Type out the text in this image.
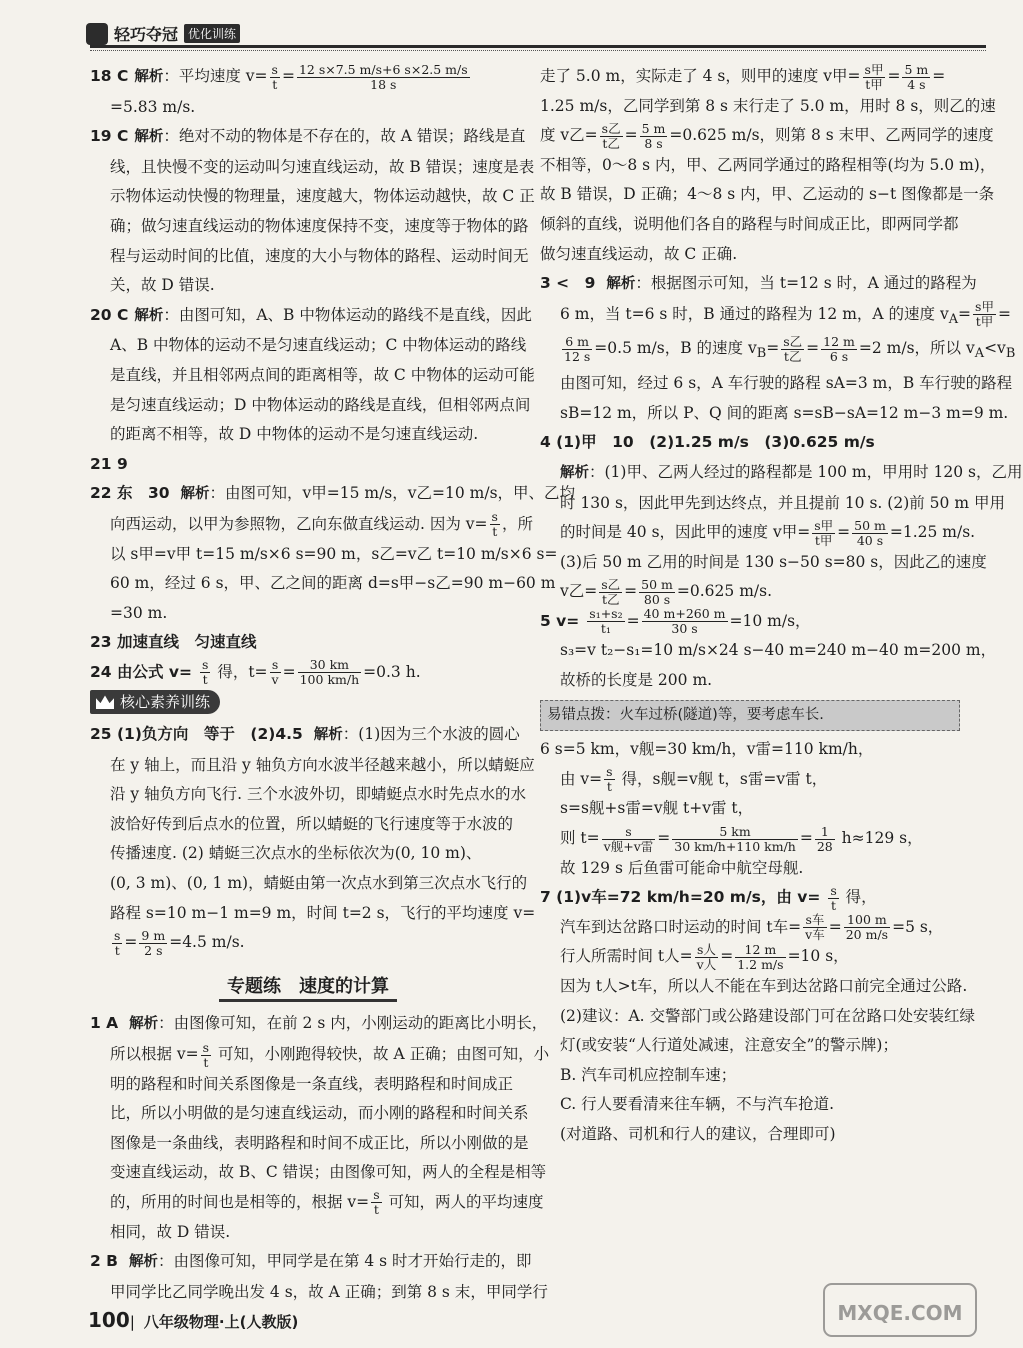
轻巧夺冠 优化训练
18 C 解析：平均速度 $v= \frac{s}{t} = \frac{12 s\times 7.5 m/s+6 s\times 2.5 m/s}{18 s}$
=5.83 m/s.
19 C 解析：绝对不动的物体是不存在的，故 A 错误；路线是直
线，且快慢不变的运动叫匀速直线运动，故 B 错误；速度是表
示物体运动快慢的物理量，速度越大，物体运动越快，故 C 正
确；做匀速直线运动的物体速度保持不变，速度等于物体的路
程与运动时间的比值，速度的大小与物体的路程、运动时间无
关，故 D 错误.
20 C 解析：由图可知，A、B 中物体运动的路线不是直线，因此
A、B 中物体的运动不是匀速直线运动；C 中物体运动的路线
是直线，并且相邻两点间的距离相等，故 C 中物体的运动可能
是匀速直线运动；D 中物体运动的路线是直线，但相邻两点间
的距离不相等，故 D 中物体的运动不是匀速直线运动.
21 9
22 东　30 解析：由图可知，v甲=15 m/s，v乙=10 m/s，甲、乙均
向西运动，以甲为参照物，乙向东做直线运动. 因为 $v= \frac{s}{t}$ ，所
以 s甲=v甲 t=15 m/s×6 s=90 m，s乙=v乙 t=10 m/s×6 s=
60 m，经过 6 s，甲、乙之间的距离 d=s甲−s乙=90 m−60 m
=30 m.
23 加速直线　匀速直线
24 由公式 $v= \frac{s}{t}$ 得，$t= \frac{s}{v} = \frac{30 km}{100 km/h} =0.3$ h.
核心素养训练
25 (1)负方向　等于　(2)4.5 解析：(1)因为三个水波的圆心
在 y 轴上，而且沿 y 轴负方向水波半径越来越小，所以蜻蜓应
沿 y 轴负方向飞行. 三个水波外切，即蜻蜓点水时先点水的水
波恰好传到后点水的位置，所以蜻蜓的飞行速度等于水波的
传播速度. (2) 蜻蜓三次点水的坐标依次为(0, 10 m)、
(0, 3 m)、(0, 1 m)，蜻蜓由第一次点水到第三次点水飞行的
路程 s=10 m−1 m=9 m，时间 t=2 s，飞行的平均速度 v=
$\frac{s}{t} = \frac{9 m}{2 s} =4.5$ m/s.
专题练　速度的计算
1 A 解析：由图像可知，在前 2 s 内，小刚运动的距离比小明长，
所以根据 $v= \frac{s}{t}$ 可知，小刚跑得较快，故 A 正确；由图可知，小
明的路程和时间关系图像是一条直线，表明路程和时间成正
比，所以小明做的是匀速直线运动，而小刚的路程和时间关系
图像是一条曲线，表明路程和时间不成正比，所以小刚做的是
变速直线运动，故 B、C 错误；由图像可知，两人的全程是相等
的，所用的时间也是相等的，根据 $v= \frac{s}{t}$ 可知，两人的平均速度
相同，故 D 错误.
2 B 解析：由图像可知，甲同学是在第 4 s 时才开始行走的，即
甲同学比乙同学晚出发 4 s，故 A 正确；到第 8 s 末，甲同学行
走了 5.0 m，实际走了 4 s，则甲的速度 v甲= $\frac{\text{s甲}}{\text{t甲}} = \frac{5 m}{4 s}$ =
1.25 m/s，乙同学到第 8 s 末行走了 5.0 m，用时 8 s，则乙的速
度 v乙= $\frac{\text{s乙}}{\text{t乙}} = \frac{5 m}{8 s} =0.625$ m/s，则第 8 s 末甲、乙两同学的速度
不相等，0～8 s 内，甲、乙两同学通过的路程相等(均为 5.0 m)，
故 B 错误，D 正确；4～8 s 内，甲、乙运动的 s−t 图像都是一条
倾斜的直线，说明他们各自的路程与时间成正比，即两同学都
做匀速直线运动，故 C 正确.
3 <　9 解析：根据图示可知，当 t=12 s 时，A 通过的路程为
6 m，当 t=6 s 时，B 通过的路程为 12 m，A 的速度 $v_A= \frac{\text{s甲}}{\text{t甲}}$ =
$\frac{6 m}{12 s} =0.5$ m/s，B 的速度 $v_B= \frac{\text{s乙}}{\text{t乙}} = \frac{12 m}{6 s} =2$ m/s，所以 $v_A<v_B$
由图可知，经过 6 s，A 车行驶的路程 sA=3 m，B 车行驶的路程
sB=12 m，所以 P、Q 间的距离 s=sB−sA=12 m−3 m=9 m.
4 (1)甲　10　(2)1.25 m/s　(3)0.625 m/s
解析：(1)甲、乙两人经过的路程都是 100 m，甲用时 120 s，乙用
时 130 s，因此甲先到达终点，并且提前 10 s. (2)前 50 m 甲用
的时间是 40 s，因此甲的速度 v甲= $\frac{\text{s甲}}{\text{t甲}} = \frac{50 m}{40 s} =1.25$ m/s.
(3)后 50 m 乙用的时间是 130 s−50 s=80 s，因此乙的速度
v乙= $\frac{\text{s乙}}{\text{t乙}} = \frac{50 m}{80 s} =0.625$ m/s.
5 $v= \frac{\text{s₁+s₂}}{\text{t₁}} = \frac{40 m+260 m}{30 s} =10$ m/s，
s₃=v t₂−s₁=10 m/s×24 s−40 m=240 m−40 m=200 m，
故桥的长度是 200 m.
易错点拨：火车过桥(隧道)等，要考虑车长.
6 s=5 km，v舰=30 km/h，v雷=110 km/h，
由 $v= \frac{s}{t}$ 得，s舰=v舰 t，s雷=v雷 t，
s=s舰+s雷=v舰 t+v雷 t，
则 $t= \frac{s}{\text{v舰+v雷}} = \frac{5 km}{30 km/h+110 km/h} = \frac{1}{28} h\approx 129$ s，
故 129 s 后鱼雷可能命中航空母舰.
7 (1)v车=72 km/h=20 m/s，由 $v= \frac{s}{t}$ 得，
汽车到达岔路口时运动的时间 t车= $\frac{\text{s车}}{\text{v车}} = \frac{100 m}{20 m/s} =5$ s，
行人所需时间 t人= $\frac{\text{s人}}{\text{v人}} = \frac{12 m}{1.2 m/s} =10$ s，
因为 t人>t车，所以人不能在车到达岔路口前完全通过公路.
(2)建议：A. 交警部门或公路建设部门可在岔路口处安装红绿
灯(或安装“人行道处减速，注意安全”的警示牌)；
B. 汽车司机应控制车速；
C. 行人要看清来往车辆，不与汽车抢道.
(对道路、司机和行人的建议，合理即可)
100| 八年级物理·上(人教版)	MXQE.COM
